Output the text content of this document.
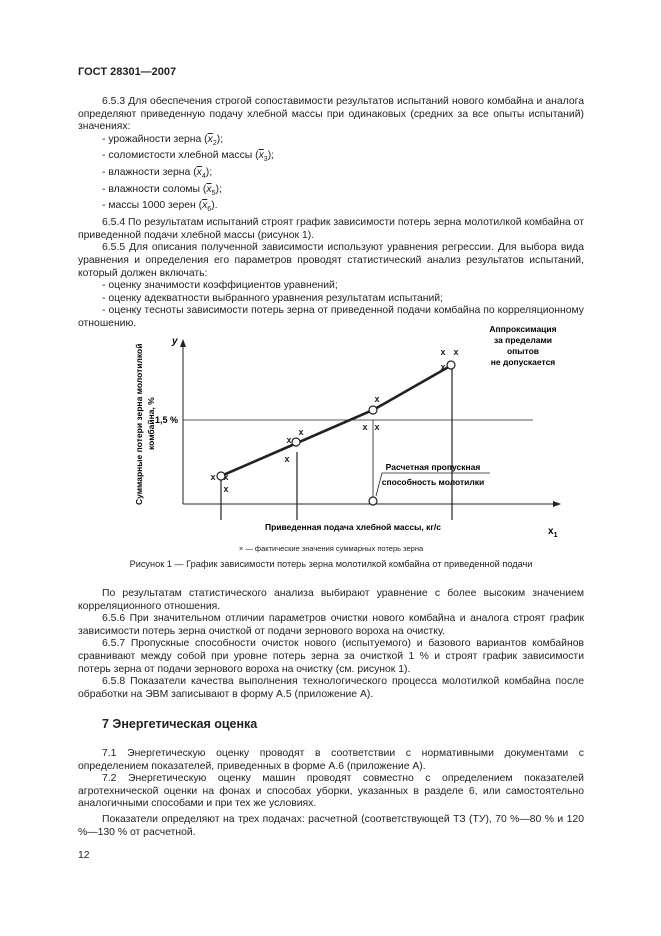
ГОСТ 28301—2007

6.5.3 Для обеспечения строгой сопоставимости результатов испытаний нового комбайна и аналога определяют приведенную подачу хлебной массы при одинаковых (средних за все опыты испытаний) значениях:

- урожайности зерна $(\overline{x}_2)$;

- соломистости хлебной массы $(\overline{x}_3)$;

- влажности зерна $(\overline{x}_4)$;

- влажности соломы $(\overline{x}_5)$;

- массы 1000 зерен $(\overline{x}_6)$.

6.5.4 По результатам испытаний строят график зависимости потерь зерна молотилкой комбайна от приведенной подачи хлебной массы (рисунок 1).

6.5.5 Для описания полученной зависимости используют уравнения регрессии. Для выбора вида уравнения и определения его параметров проводят статистический анализ результатов испытаний, который должен включать:

- оценку значимости коэффициентов уравнений;

- оценку адекватности выбранного уравнения результатам испытаний;

- оценку тесноты зависимости потерь зерна от приведенной подачи комбайна по корреляционному отношению.

x x
x
x
x
x
x
x
x
x x
x
y
$x_1$
1,5 %
Суммарные потери зерна молотилкой комбайна, %
Приведенная подача хлебной массы, кг/с
Аппроксимация
за пределами
опытов
не допускается
Расчетная пропускная
способность молотилки
× — фактические значения суммарных потерь зерна
Рисунок 1 — График зависимости потерь зерна молотилкой комбайна от приведенной подачи

По результатам статистического анализа выбирают уравнение с более высоким значением корреляционного отношения.

6.5.6 При значительном отличии параметров очистки нового комбайна и аналога строят график зависимости потерь зерна очисткой от подачи зернового вороха на очистку.

6.5.7 Пропускные способности очисток нового (испытуемого) и базового вариантов комбайнов сравнивают между собой при уровне потерь зерна за очисткой 1 % и строят график зависимости потерь зерна от подачи зернового вороха на очистку (см. рисунок 1).

6.5.8 Показатели качества выполнения технологического процесса молотилкой комбайна после обработки на ЭВМ записывают в форму А.5 (приложение А).

7 Энергетическая оценка

7.1 Энергетическую оценку проводят в соответствии с нормативными документами с определением показателей, приведенных в форме А.6 (приложение А).

7.2 Энергетическую оценку машин проводят совместно с определением показателей агротехнической оценки на фонах и способах уборки, указанных в разделе 6, или самостоятельно аналогичными способами и при тех же условиях.

Показатели определяют на трех подачах: расчетной (соответствующей ТЗ (ТУ), 70 %—80 % и 120 %—130 % от расчетной.

12
